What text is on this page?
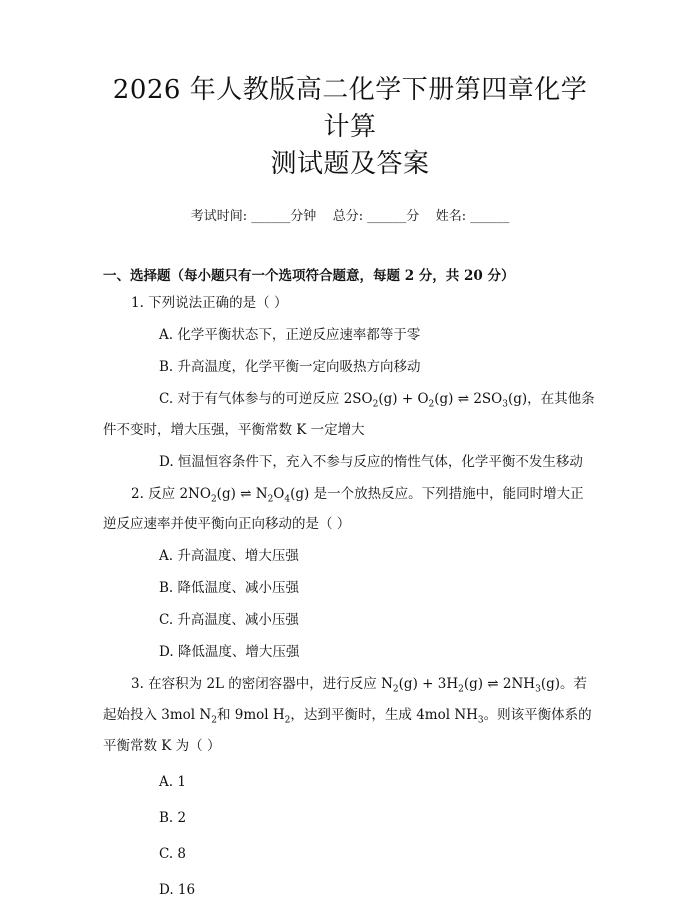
2026 年人教版高二化学下册第四章化学计算
测试题及答案
考试时间: ______分钟    总分: ______分    姓名: ______
一、选择题（每小题只有一个选项符合题意，每题 2 分，共 20 分）
1. 下列说法正确的是（ ）
A. 化学平衡状态下，正逆反应速率都等于零
B. 升高温度，化学平衡一定向吸热方向移动
C. 对于有气体参与的可逆反应 $2SO_2(g) + O_2(g)$ ⇌ $2SO_3(g)$，在其他条件不变时，增大压强，平衡常数 K 一定增大
D. 恒温恒容条件下，充入不参与反应的惰性气体，化学平衡不发生移动
2. 反应 $2NO_2(g)$ ⇌ $N_2O_4(g)$ 是一个放热反应。下列措施中，能同时增大正逆反应速率并使平衡向正向移动的是（ ）
A. 升高温度、增大压强
B. 降低温度、减小压强
C. 升高温度、减小压强
D. 降低温度、增大压强
3. 在容积为 2L 的密闭容器中，进行反应 $N_2(g) + 3H_2(g)$ ⇌ $2NH_3(g)$。若起始投入 3mol $N_2$和 9mol $H_2$，达到平衡时，生成 4mol $NH_3$。则该平衡体系的平衡常数 K 为（ ）
A. 1
B. 2
C. 8
D. 16
